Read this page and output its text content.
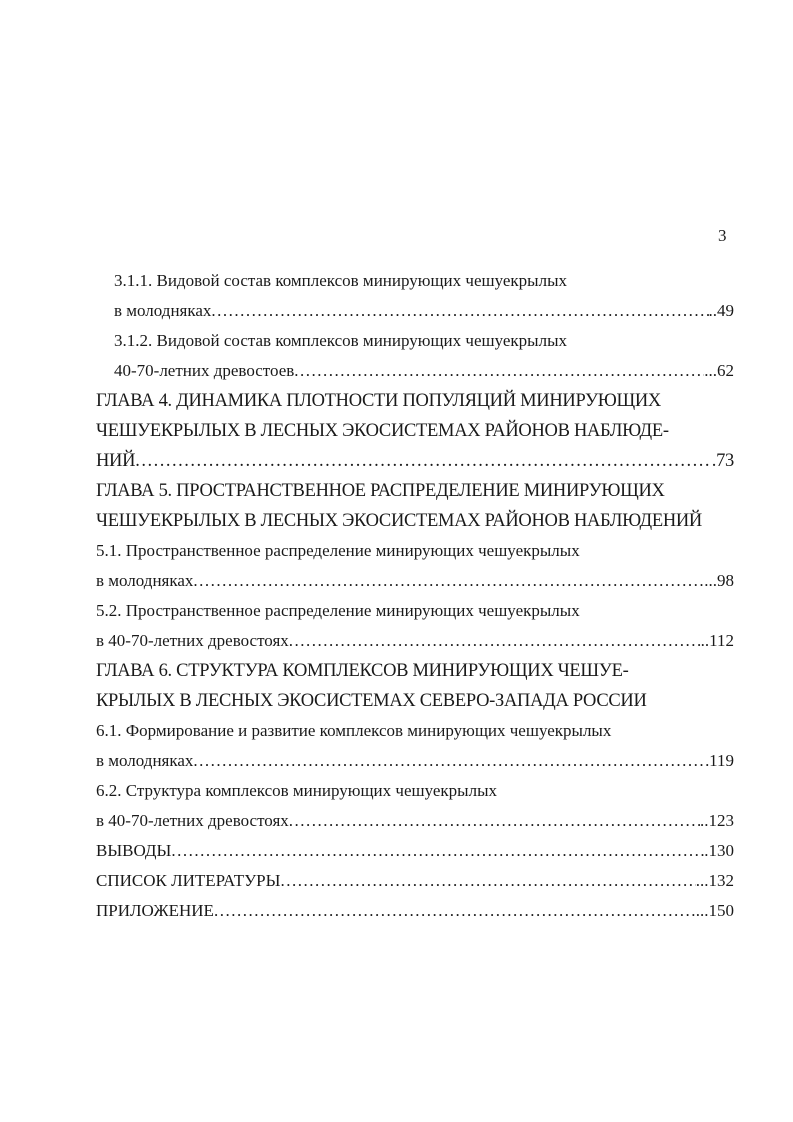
3
3.1.1. Видовой состав комплексов минирующих чешуекрылых
в молодняках .....	..49
3.1.2. Видовой состав комплексов минирующих чешуекрылых
40-70-летних древостоев .....	...62
ГЛАВА 4. ДИНАМИКА ПЛОТНОСТИ ПОПУЛЯЦИЙ МИНИРУЮЩИХ
ЧЕШУЕКРЫЛЫХ В ЛЕСНЫХ ЭКОСИСТЕМАХ РАЙОНОВ НАБЛЮДЕ-
НИЙ .....	.73
ГЛАВА 5. ПРОСТРАНСТВЕННОЕ РАСПРЕДЕЛЕНИЕ МИНИРУЮЩИХ
ЧЕШУЕКРЫЛЫХ В ЛЕСНЫХ ЭКОСИСТЕМАХ РАЙОНОВ НАБЛЮДЕНИЙ
5.1. Пространственное распределение минирующих чешуекрылых
в молодняках .....	...98
5.2. Пространственное распределение минирующих чешуекрылых
в 40-70-летних древостоях .....	..112
ГЛАВА 6. СТРУКТУРА КОМПЛЕКСОВ МИНИРУЮЩИХ ЧЕШУЕ-
КРЫЛЫХ В ЛЕСНЫХ ЭКОСИСТЕМАХ СЕВЕРО-ЗАПАДА РОССИИ
6.1. Формирование и развитие комплексов минирующих чешуекрылых
в молодняках .....	119
6.2. Структура комплексов минирующих чешуекрылых
в 40-70-летних древостоях .....	..123
ВЫВОДЫ .....	.130
СПИСОК ЛИТЕРАТУРЫ .....	...132
ПРИЛОЖЕНИЕ .....	...150
